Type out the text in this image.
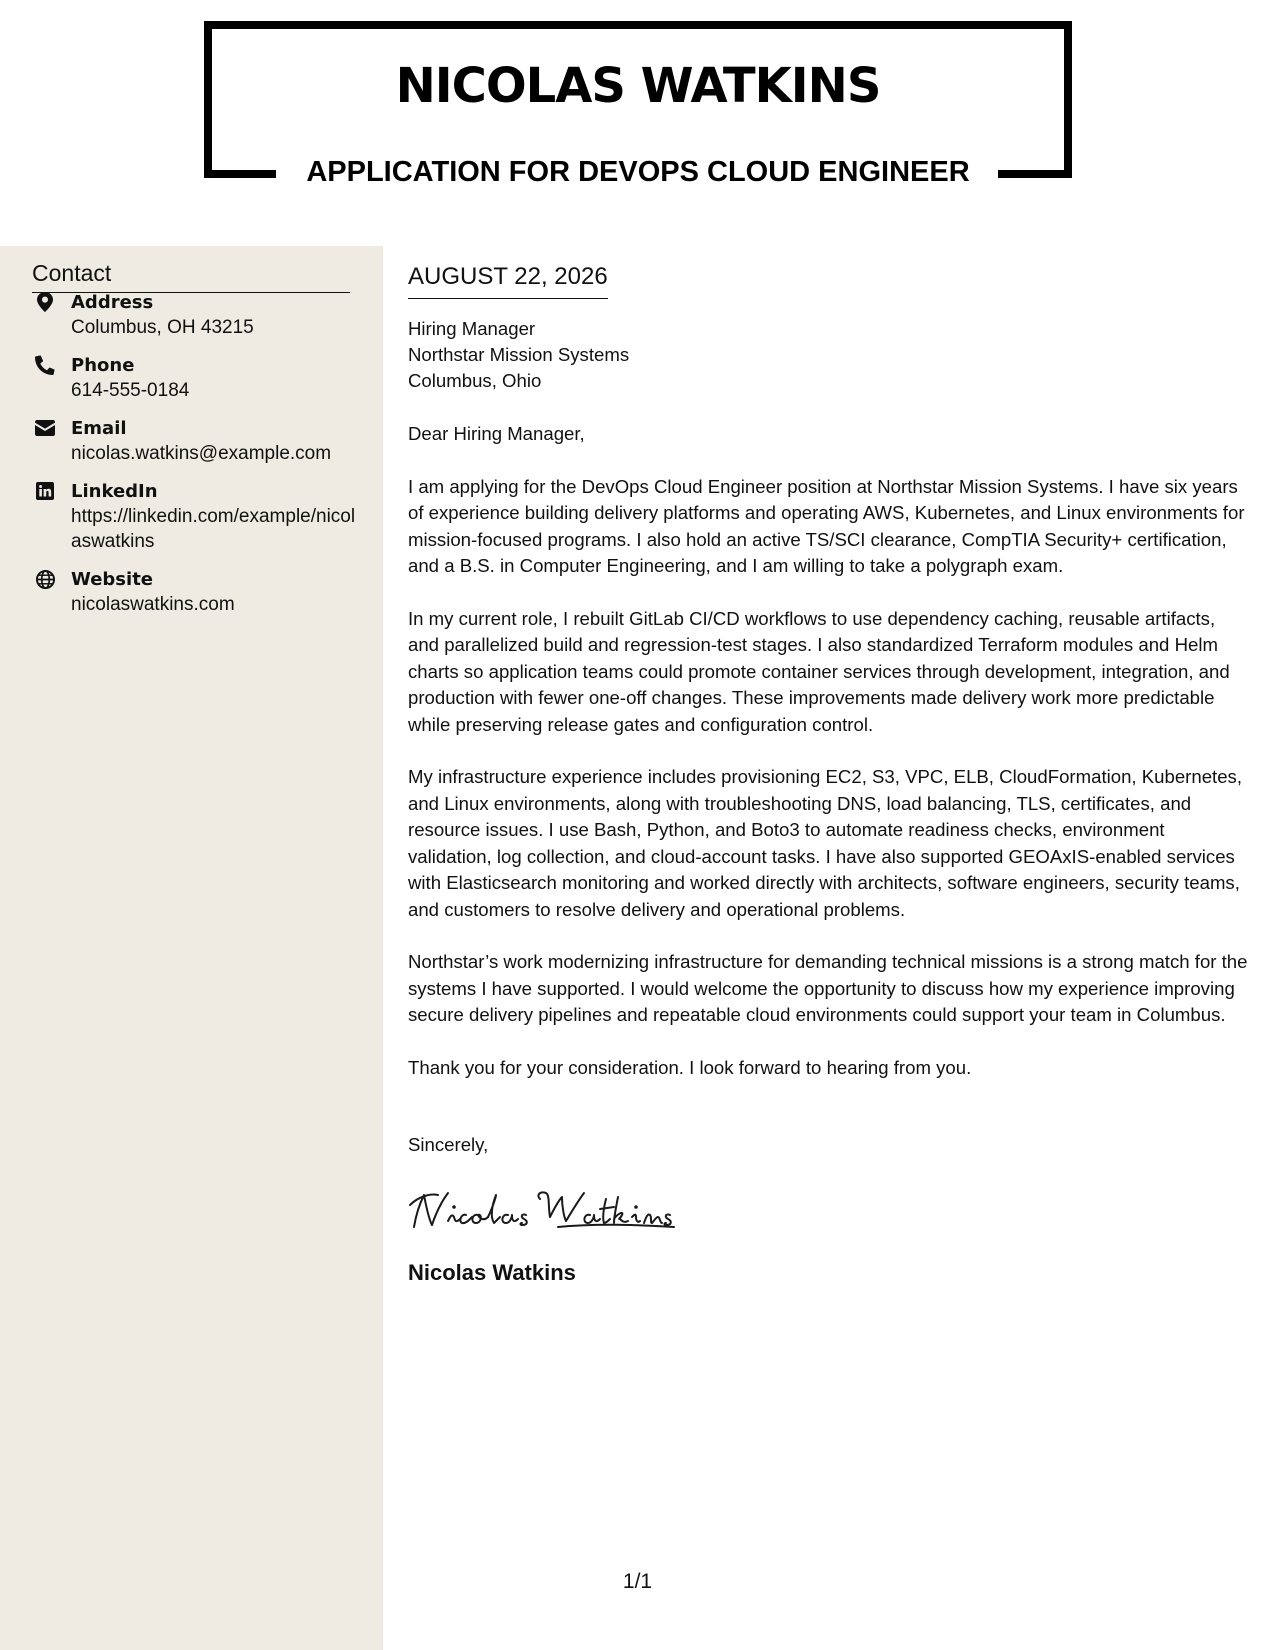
NICOLAS WATKINS
APPLICATION FOR DEVOPS CLOUD ENGINEER
Contact
Address
Columbus, OH 43215
Phone
614-555-0184
Email
nicolas.watkins@example.com
LinkedIn
https://linkedin.com/example/nicolaswatkins
Website
nicolaswatkins.com
AUGUST 22, 2026
Hiring Manager
Northstar Mission Systems
Columbus, Ohio
Dear Hiring Manager,
I am applying for the DevOps Cloud Engineer position at Northstar Mission Systems. I have six years of experience building delivery platforms and operating AWS, Kubernetes, and Linux environments for mission-focused programs. I also hold an active TS/SCI clearance, CompTIA Security+ certification, and a B.S. in Computer Engineering, and I am willing to take a polygraph exam.
In my current role, I rebuilt GitLab CI/CD workflows to use dependency caching, reusable artifacts, and parallelized build and regression-test stages. I also standardized Terraform modules and Helm charts so application teams could promote container services through development, integration, and production with fewer one-off changes. These improvements made delivery work more predictable while preserving release gates and configuration control.
My infrastructure experience includes provisioning EC2, S3, VPC, ELB, CloudFormation, Kubernetes, and Linux environments, along with troubleshooting DNS, load balancing, TLS, certificates, and resource issues. I use Bash, Python, and Boto3 to automate readiness checks, environment validation, log collection, and cloud-account tasks. I have also supported GEOAxIS-enabled services with Elasticsearch monitoring and worked directly with architects, software engineers, security teams, and customers to resolve delivery and operational problems.
Northstar’s work modernizing infrastructure for demanding technical missions is a strong match for the systems I have supported. I would welcome the opportunity to discuss how my experience improving secure delivery pipelines and repeatable cloud environments could support your team in Columbus.
Thank you for your consideration. I look forward to hearing from you.
Sincerely,
Nicolas Watkins
1/1
